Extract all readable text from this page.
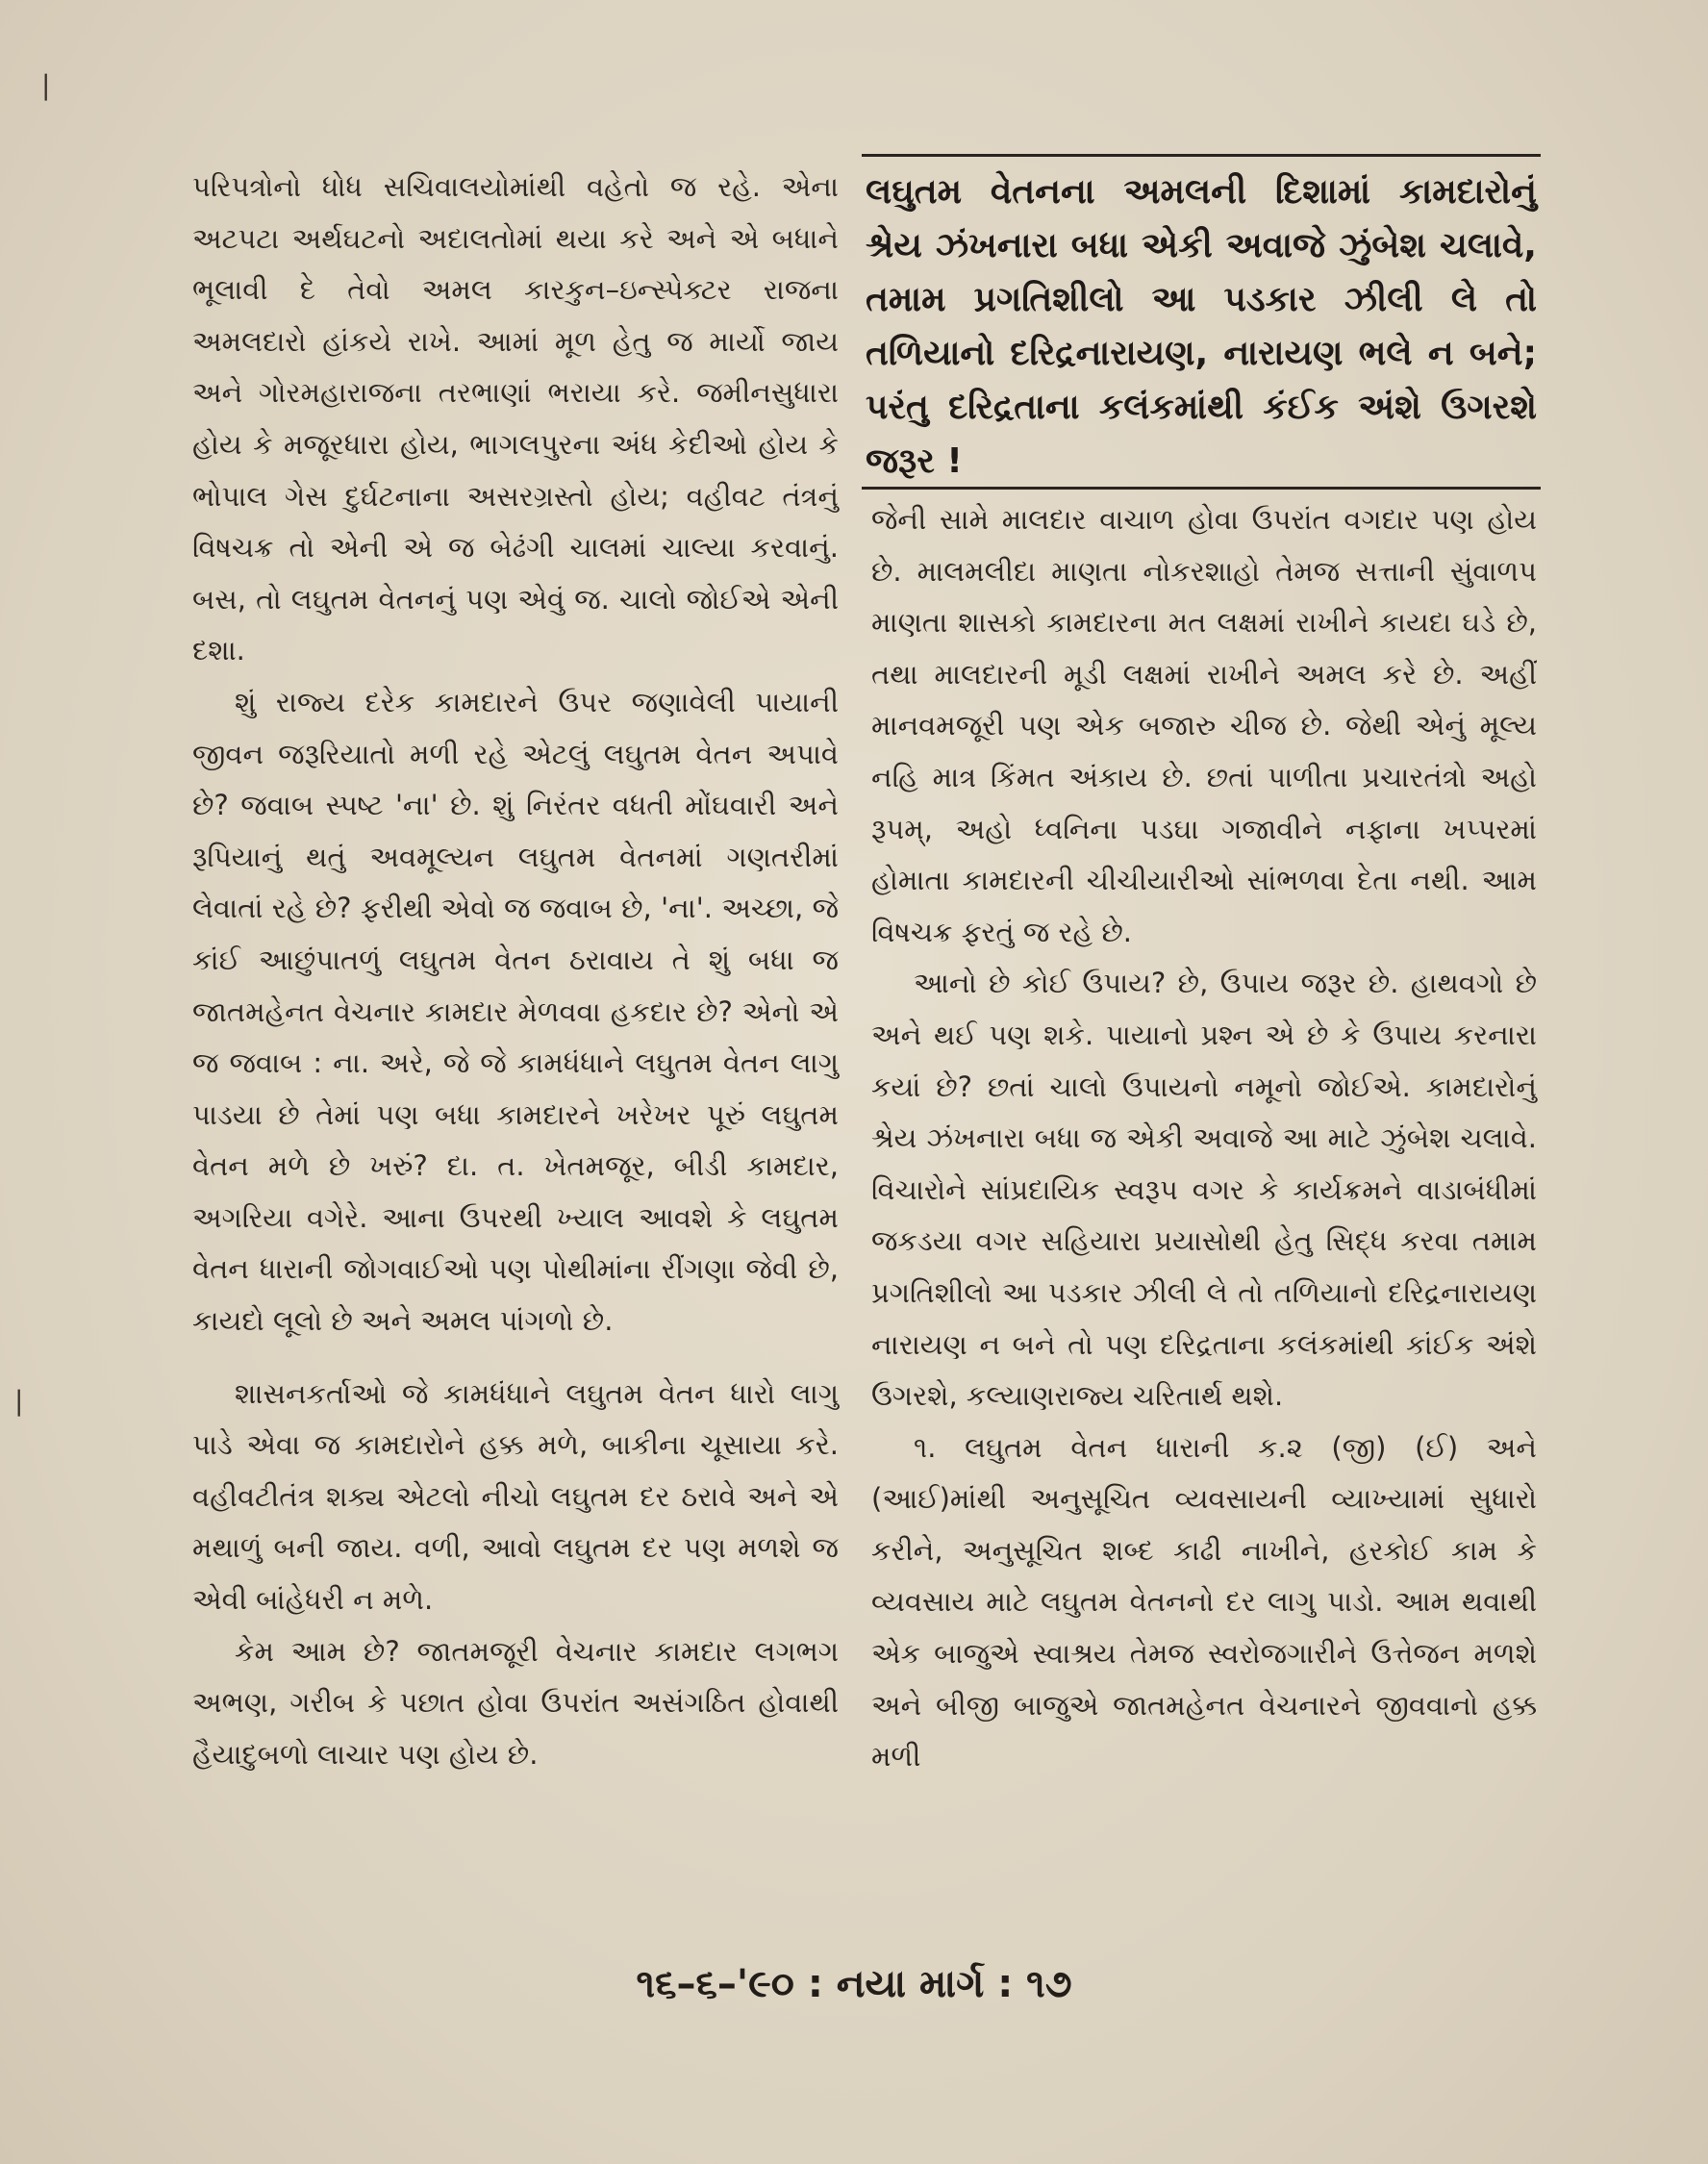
લઘુતમ વેતનના અમલની દિશામાં કામદારોનું શ્રેય ઝંખનારા બધા એકી અવાજે ઝુંબેશ ચલાવે, તમામ પ્રગતિશીલો આ પડકાર ઝીલી લે તો તળિયાનો દરિદ્રનારાયણ, નારાયણ ભલે ન બને; પરંતુ દરિદ્રતાના કલંકમાંથી કંઈક અંશે ઉગરશે જરૂર !

પરિપત્રોનો ધોધ સચિવાલયોમાંથી વહેતો જ રહે. એના અટપટા અર્થઘટનો અદાલતોમાં થયા કરે અને એ બધાને ભૂલાવી દે તેવો અમલ કારકુન–ઇન્સ્પેક્ટર રાજના અમલદારો હાંકયે રાખે. આમાં મૂળ હેતુ જ માર્યો જાય અને ગોરમહારાજના તરભાણાં ભરાયા કરે. જમીનસુધારા હોય કે મજૂરધારા હોય, ભાગલપુરના અંધ કેદીઓ હોય કે ભોપાલ ગેસ દુર્ઘટનાના અસરગ્રસ્તો હોય; વહીવટ તંત્રનું વિષચક્ર તો એની એ જ બેઢંગી ચાલમાં ચાલ્યા કરવાનું. બસ, તો લઘુતમ વેતનનું પણ એવું જ. ચાલો જોઈએ એની દશા.

શું રાજ્ય દરેક કામદારને ઉપર જણાવેલી પાયાની જીવન જરૂરિયાતો મળી રહે એટલું લઘુતમ વેતન અપાવે છે? જવાબ સ્પષ્ટ 'ના' છે. શું નિરંતર વધતી મોંઘવારી અને રૂપિયાનું થતું અવમૂલ્યન લઘુતમ વેતનમાં ગણતરીમાં લેવાતાં રહે છે? ફરીથી એવો જ જવાબ છે, 'ના'. અચ્છા, જે કાંઈ આછુંપાતળું લઘુતમ વેતન ઠરાવાય તે શું બધા જ જાતમહેનત વેચનાર કામદાર મેળવવા હકદાર છે? એનો એ જ જવાબ : ના. અરે, જે જે કામધંધાને લઘુતમ વેતન લાગુ પાડયા છે તેમાં પણ બધા કામદારને ખરેખર પૂરું લઘુતમ વેતન મળે છે ખરું? દા. ત. ખેતમજૂર, બીડી કામદાર, અગરિયા વગેરે. આના ઉપરથી ખ્યાલ આવશે કે લઘુતમ વેતન ધારાની જોગવાઈઓ પણ પોથીમાંના રીંગણા જેવી છે, કાયદો લૂલો છે અને અમલ પાંગળો છે.

શાસનકર્તાઓ જે કામધંધાને લઘુતમ વેતન ધારો લાગુ પાડે એવા જ કામદારોને હક્ક મળે, બાકીના ચૂસાયા કરે. વહીવટીતંત્ર શક્ય એટલો નીચો લઘુતમ દર ઠરાવે અને એ મથાળું બની જાય. વળી, આવો લઘુતમ દર પણ મળશે જ એવી બાંહેધરી ન મળે.

કેમ આમ છે? જાતમજૂરી વેચનાર કામદાર લગભગ અભણ, ગરીબ કે પછાત હોવા ઉપરાંત અસંગઠિત હોવાથી હૈયાદુબળો લાચાર પણ હોય છે.

જેની સામે માલદાર વાચાળ હોવા ઉપરાંત વગદાર પણ હોય છે. માલમલીદા માણતા નોકરશાહો તેમજ સત્તાની સુંવાળપ માણતા શાસકો કામદારના મત લક્ષમાં રાખીને કાયદા ઘડે છે, તથા માલદારની મૂડી લક્ષમાં રાખીને અમલ કરે છે. અહીં માનવમજૂરી પણ એક બજારુ ચીજ છે. જેથી એનું મૂલ્ય નહિ માત્ર કિંમત અંકાય છે. છતાં પાળીતા પ્રચારતંત્રો અહો રૂપમ્, અહો ધ્વનિના પડઘા ગજાવીને નફાના ખપ્પરમાં હોમાતા કામદારની ચીચીયારીઓ સાંભળવા દેતા નથી. આમ વિષચક્ર ફરતું જ રહે છે.

આનો છે કોઈ ઉપાય? છે, ઉપાય જરૂર છે. હાથવગો છે અને થઈ પણ શકે. પાયાનો પ્રશ્ન એ છે કે ઉપાય કરનારા કયાં છે? છતાં ચાલો ઉપાયનો નમૂનો જોઈએ. કામદારોનું શ્રેય ઝંખનારા બધા જ એકી અવાજે આ માટે ઝુંબેશ ચલાવે. વિચારોને સાંપ્રદાયિક સ્વરૂપ વગર કે કાર્યક્રમને વાડાબંધીમાં જકડયા વગર સહિયારા પ્રયાસોથી હેતુ સિદ્ધ કરવા તમામ પ્રગતિશીલો આ પડકાર ઝીલી લે તો તળિયાનો દરિદ્રનારાયણ નારાયણ ન બને તો પણ દરિદ્રતાના કલંકમાંથી કાંઈક અંશે ઉગરશે, કલ્યાણરાજ્ય ચરિતાર્થ થશે.

૧. લઘુતમ વેતન ધારાની ક.૨ (જી) (ઈ) અને (આઈ)માંથી અનુસૂચિત વ્યવસાયની વ્યાખ્યામાં સુધારો કરીને, અનુસૂચિત શબ્દ કાઢી નાખીને, હરકોઈ કામ કે વ્યવસાય માટે લઘુતમ વેતનનો દર લાગુ પાડો. આમ થવાથી એક બાજુએ સ્વાશ્રય તેમજ સ્વરોજગારીને ઉત્તેજન મળશે અને બીજી બાજુએ જાતમહેનત વેચનારને જીવવાનો હક્ક મળી

૧૬–૬–'૯૦ : નયા માર્ગ : ૧૭
❘
❘
